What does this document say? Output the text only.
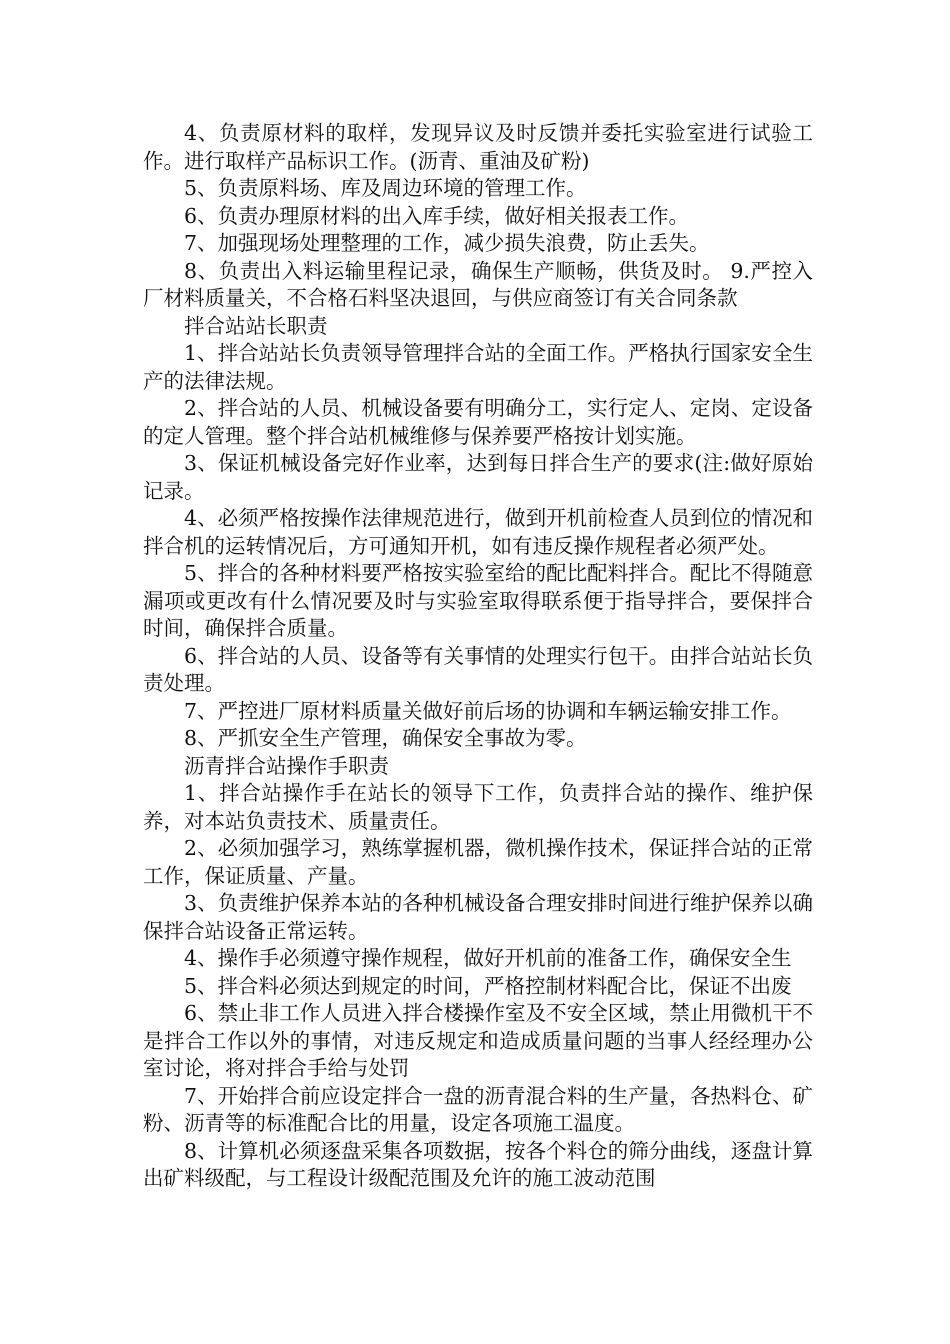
4、负责原材料的取样，发现异议及时反馈并委托实验室进行试验工作。进行取样产品标识工作。(沥青、重油及矿粉)

5、负责原料场、库及周边环境的管理工作。

6、负责办理原材料的出入库手续，做好相关报表工作。

7、加强现场处理整理的工作，减少损失浪费，防止丢失。

8、负责出入料运输里程记录，确保生产顺畅，供货及时。 9.严控入厂材料质量关，不合格石料坚决退回，与供应商签订有关合同条款

拌合站站长职责

1、拌合站站长负责领导管理拌合站的全面工作。严格执行国家安全生产的法律法规。

2、拌合站的人员、机械设备要有明确分工，实行定人、定岗、定设备的定人管理。整个拌合站机械维修与保养要严格按计划实施。

3、保证机械设备完好作业率，达到每日拌合生产的要求(注:做好原始记录。

4、必须严格按操作法律规范进行，做到开机前检查人员到位的情况和拌合机的运转情况后，方可通知开机，如有违反操作规程者必须严处。

5、拌合的各种材料要严格按实验室给的配比配料拌合。配比不得随意漏项或更改有什么情况要及时与实验室取得联系便于指导拌合，要保拌合时间，确保拌合质量。

6、拌合站的人员、设备等有关事情的处理实行包干。由拌合站站长负责处理。

7、严控进厂原材料质量关做好前后场的协调和车辆运输安排工作。

8、严抓安全生产管理，确保安全事故为零。

沥青拌合站操作手职责

1、拌合站操作手在站长的领导下工作，负责拌合站的操作、维护保养，对本站负责技术、质量责任。

2、必须加强学习，熟练掌握机器，微机操作技术，保证拌合站的正常工作，保证质量、产量。

3、负责维护保养本站的各种机械设备合理安排时间进行维护保养以确保拌合站设备正常运转。

4、操作手必须遵守操作规程，做好开机前的准备工作，确保安全生

5、拌合料必须达到规定的时间，严格控制材料配合比，保证不出废

6、禁止非工作人员进入拌合楼操作室及不安全区域，禁止用微机干不是拌合工作以外的事情，对违反规定和造成质量问题的当事人经经理办公室讨论，将对拌合手给与处罚

7、开始拌合前应设定拌合一盘的沥青混合料的生产量，各热料仓、矿粉、沥青等的标准配合比的用量，设定各项施工温度。

8、计算机必须逐盘采集各项数据，按各个料仓的筛分曲线，逐盘计算出矿料级配，与工程设计级配范围及允许的施工波动范围
